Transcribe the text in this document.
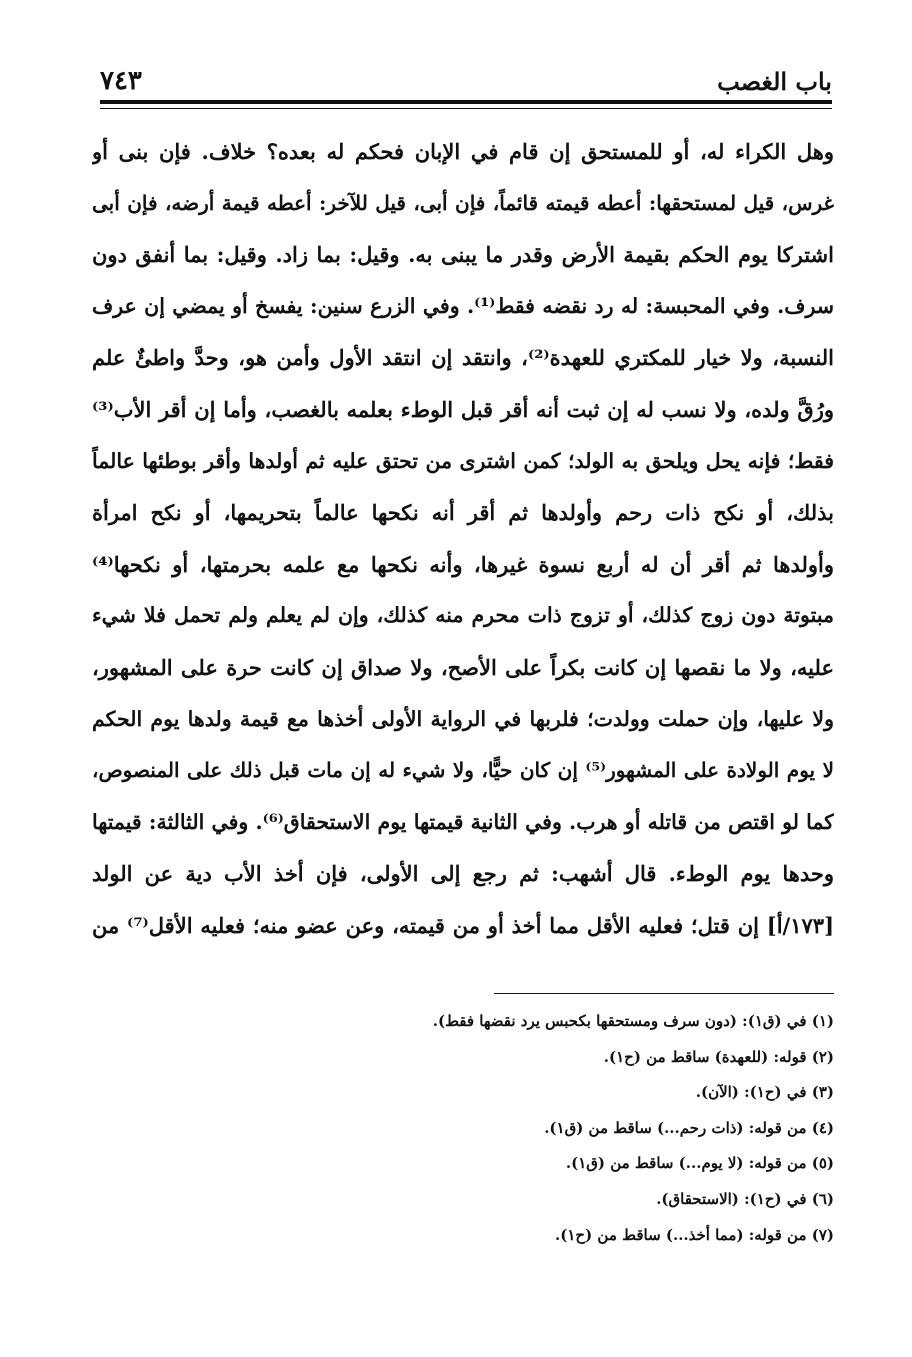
باب الغصب
٧٤٣
وهل الكراء له، أو للمستحق إن قام في الإبان فحكم له بعده؟ خلاف. فإن بنى أو
غرس، قيل لمستحقها: أعطه قيمته قائماً، فإن أبى، قيل للآخر: أعطه قيمة أرضه، فإن أبى
اشتركا يوم الحكم بقيمة الأرض وقدر ما يبنى به. وقيل: بما زاد. وقيل: بما أنفق دون
سرف. وفي المحبسة: له رد نقضه فقط⁽¹⁾. وفي الزرع سنين: يفسخ أو يمضي إن عرف
النسبة، ولا خيار للمكتري للعهدة⁽²⁾، وانتقد إن انتقد الأول وأمن هو، وحدَّ واطئٌ علم
ورُقَّ ولده، ولا نسب له إن ثبت أنه أقر قبل الوطء بعلمه بالغصب، وأما إن أقر الأب⁽³⁾
فقط؛ فإنه يحل ويلحق به الولد؛ كمن اشترى من تحتق عليه ثم أولدها وأقر بوطئها عالماً
بذلك، أو نكح ذات رحم وأولدها ثم أقر أنه نكحها عالماً بتحريمها، أو نكح امرأة
وأولدها ثم أقر أن له أربع نسوة غيرها، وأنه نكحها مع علمه بحرمتها، أو نكحها⁽⁴⁾
مبتوتة دون زوج كذلك، أو تزوج ذات محرم منه كذلك، وإن لم يعلم ولم تحمل فلا شيء
عليه، ولا ما نقصها إن كانت بكراً على الأصح، ولا صداق إن كانت حرة على المشهور،
ولا عليها، وإن حملت وولدت؛ فلربها في الرواية الأولى أخذها مع قيمة ولدها يوم الحكم
لا يوم الولادة على المشهور⁽⁵⁾ إن كان حيًّا، ولا شيء له إن مات قبل ذلك على المنصوص،
كما لو اقتص من قاتله أو هرب. وفي الثانية قيمتها يوم الاستحقاق⁽⁶⁾. وفي الثالثة: قيمتها
وحدها يوم الوطء. قال أشهب: ثم رجع إلى الأولى، فإن أخذ الأب دية عن الولد
[١٧٣/أ] إن قتل؛ فعليه الأقل مما أخذ أو من قيمته، وعن عضو منه؛ فعليه الأقل⁽⁷⁾ من
(١) في (ق١): (دون سرف ومستحقها بكحبس يرد نقضها فقط).
(٢) قوله: (للعهدة) ساقط من (ح١).
(٣) في (ح١): (الآن).
(٤) من قوله: (ذات رحم...) ساقط من (ق١).
(٥) من قوله: (لا يوم...) ساقط من (ق١).
(٦) في (ح١): (الاستحقاق).
(٧) من قوله: (مما أخذ...) ساقط من (ح١).
